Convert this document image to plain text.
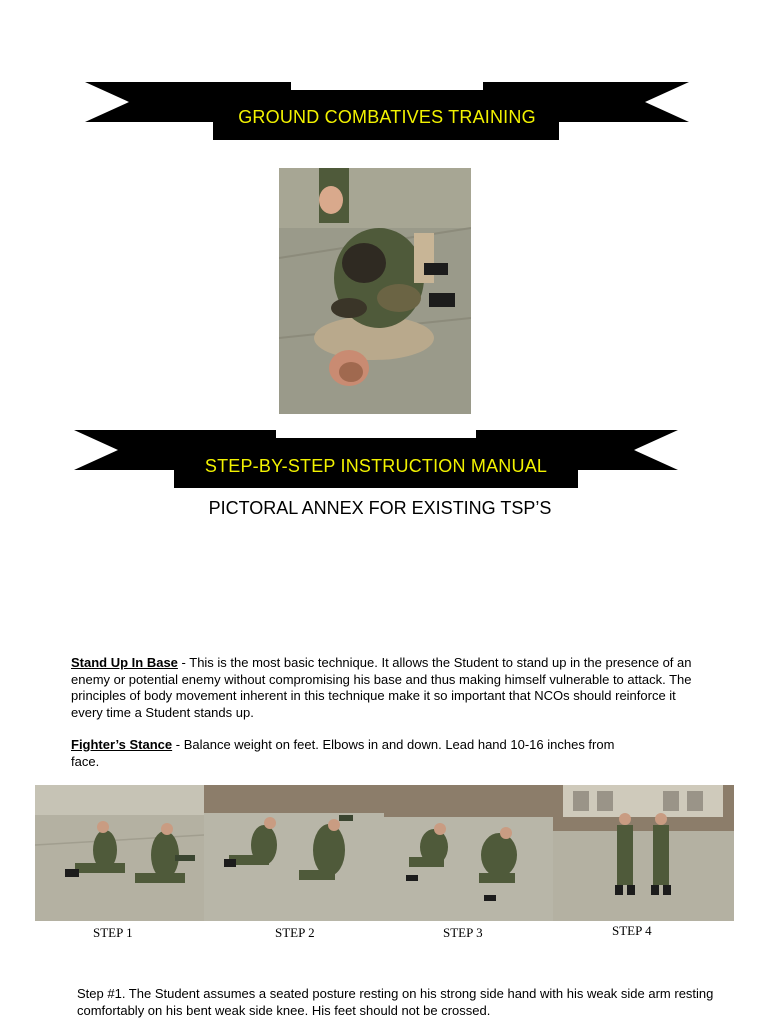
GROUND COMBATIVES TRAINING
STEP-BY-STEP INSTRUCTION MANUAL
PICTORAL ANNEX FOR EXISTING TSP’S
Stand Up In Base - This is the most basic technique. It allows the Student to stand up in the presence of an enemy or potential enemy without compromising his base and thus making himself vulnerable to attack. The principles of body movement inherent in this technique make it so important that NCOs should reinforce it every time a Student stands up.
Fighter’s Stance - Balance weight on feet. Elbows in and down. Lead hand 10-16 inches from face.
STEP 1	STEP 2	STEP 3	STEP 4
Step #1. The Student assumes a seated posture resting on his strong side hand with his weak side arm resting comfortably on his bent weak side knee. His feet should not be crossed.
